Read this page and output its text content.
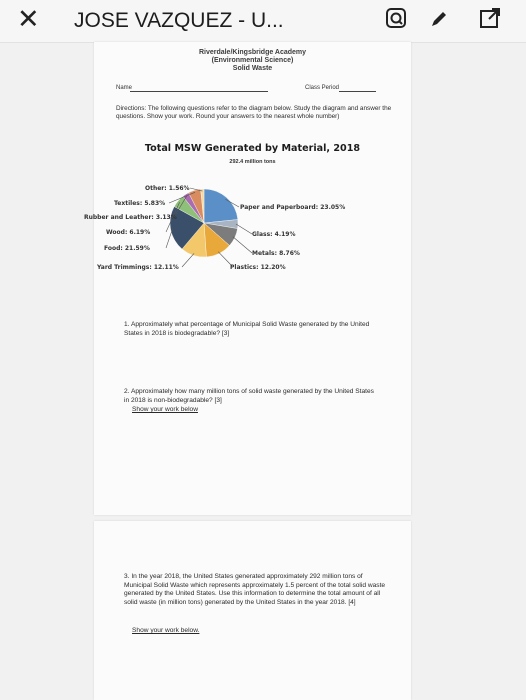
✕ JOSE VAZQUEZ - U...
Riverdale/Kingsbridge Academy
(Environmental Science)
Solid Waste
Name	Class Period
Directions: The following questions refer to the diagram below. Study the diagram and answer the questions. Show your work. Round your answers to the nearest whole number)
Total MSW Generated by Material, 2018
292.4 million tons
Other: 1.56%
Textiles: 5.83%
Rubber and Leather: 3.13%
Wood: 6.19%
Food: 21.59%
Yard Trimmings: 12.11%
Paper and Paperboard: 23.05%
Glass: 4.19%
Metals: 8.76%
Plastics: 12.20%
1. Approximately what percentage of Municipal Solid Waste generated by the United States in 2018 is biodegradable? [3]
2. Approximately how many million tons of solid waste generated by the United States in 2018 is non-biodegradable? [3]
Show your work below
3. In the year 2018, the United States generated approximately 292 million tons of Municipal Solid Waste which represents approximately 1.5 percent of the total solid waste generated by the United States. Use this information to determine the total amount of all solid waste (in million tons) generated by the United States in the year 2018. [4]
Show your work below.
